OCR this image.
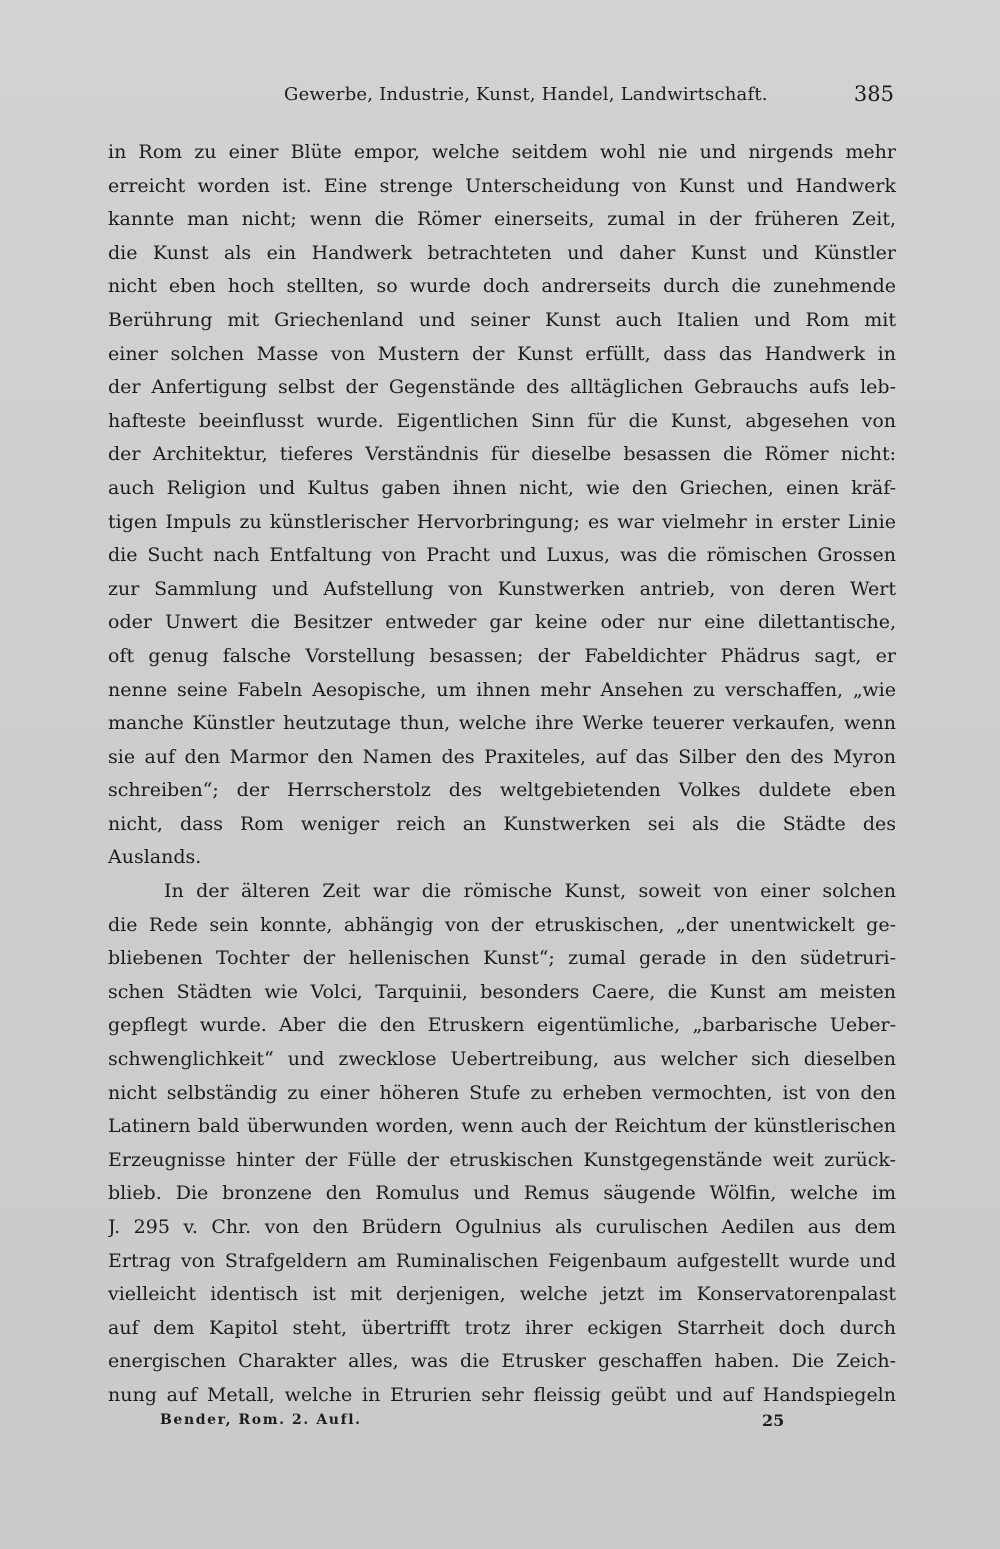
Gewerbe, Industrie, Kunst, Handel, Landwirtschaft.	385
in Rom zu einer Blüte empor, welche seitdem wohl nie und nirgends mehr
erreicht worden ist. Eine strenge Unterscheidung von Kunst und Handwerk
kannte man nicht; wenn die Römer einerseits, zumal in der früheren Zeit,
die Kunst als ein Handwerk betrachteten und daher Kunst und Künstler
nicht eben hoch stellten, so wurde doch andrerseits durch die zunehmende
Berührung mit Griechenland und seiner Kunst auch Italien und Rom mit
einer solchen Masse von Mustern der Kunst erfüllt, dass das Handwerk in
der Anfertigung selbst der Gegenstände des alltäglichen Gebrauchs aufs leb-
hafteste beeinflusst wurde. Eigentlichen Sinn für die Kunst, abgesehen von
der Architektur, tieferes Verständnis für dieselbe besassen die Römer nicht:
auch Religion und Kultus gaben ihnen nicht, wie den Griechen, einen kräf-
tigen Impuls zu künstlerischer Hervorbringung; es war vielmehr in erster Linie
die Sucht nach Entfaltung von Pracht und Luxus, was die römischen Grossen
zur Sammlung und Aufstellung von Kunstwerken antrieb, von deren Wert
oder Unwert die Besitzer entweder gar keine oder nur eine dilettantische,
oft genug falsche Vorstellung besassen; der Fabeldichter Phädrus sagt, er
nenne seine Fabeln Aesopische, um ihnen mehr Ansehen zu verschaffen, „wie
manche Künstler heutzutage thun, welche ihre Werke teuerer verkaufen, wenn
sie auf den Marmor den Namen des Praxiteles, auf das Silber den des Myron
schreiben“; der Herrscherstolz des weltgebietenden Volkes duldete eben
nicht, dass Rom weniger reich an Kunstwerken sei als die Städte des
Auslands.
In der älteren Zeit war die römische Kunst, soweit von einer solchen
die Rede sein konnte, abhängig von der etruskischen, „der unentwickelt ge-
bliebenen Tochter der hellenischen Kunst“; zumal gerade in den südetruri-
schen Städten wie Volci, Tarquinii, besonders Caere, die Kunst am meisten
gepflegt wurde. Aber die den Etruskern eigentümliche, „barbarische Ueber-
schwenglichkeit“ und zwecklose Uebertreibung, aus welcher sich dieselben
nicht selbständig zu einer höheren Stufe zu erheben vermochten, ist von den
Latinern bald überwunden worden, wenn auch der Reichtum der künstlerischen
Erzeugnisse hinter der Fülle der etruskischen Kunstgegenstände weit zurück-
blieb. Die bronzene den Romulus und Remus säugende Wölfin, welche im
J. 295 v. Chr. von den Brüdern Ogulnius als curulischen Aedilen aus dem
Ertrag von Strafgeldern am Ruminalischen Feigenbaum aufgestellt wurde und
vielleicht identisch ist mit derjenigen, welche jetzt im Konservatorenpalast
auf dem Kapitol steht, übertrifft trotz ihrer eckigen Starrheit doch durch
energischen Charakter alles, was die Etrusker geschaffen haben. Die Zeich-
nung auf Metall, welche in Etrurien sehr fleissig geübt und auf Handspiegeln
Bender, Rom. 2. Aufl.	25
